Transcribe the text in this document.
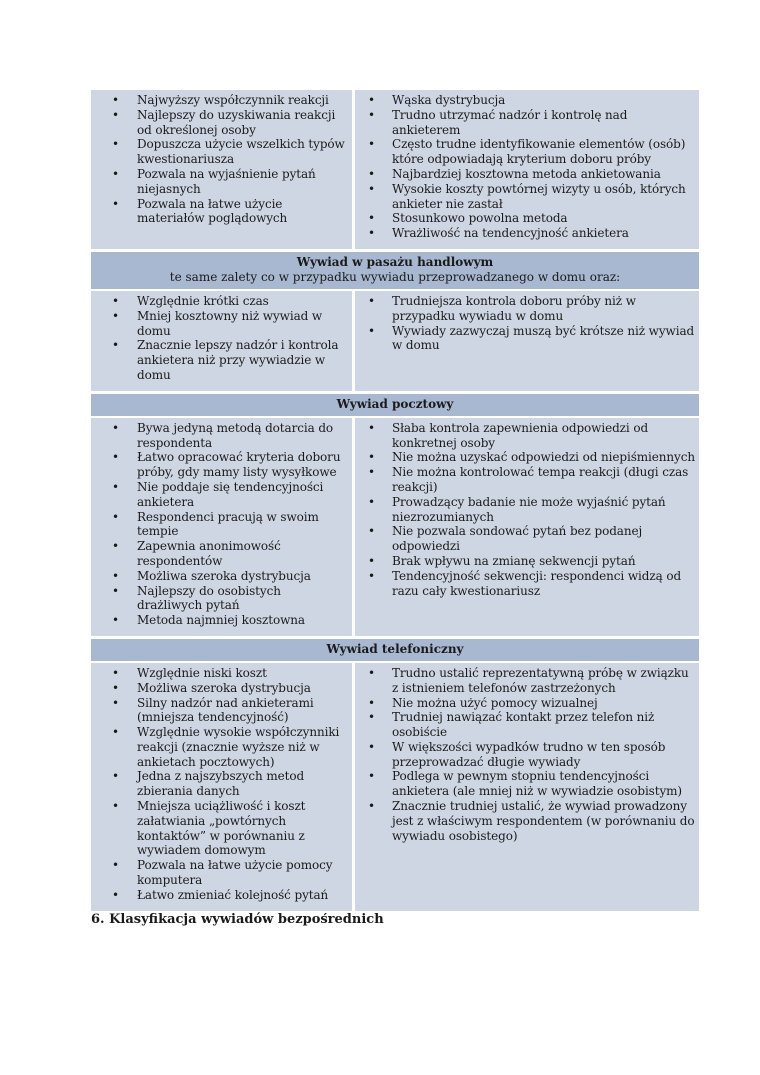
• Najwyższy współczynnik reakcji
• Najlepszy do uzyskiwania reakcji od określonej osoby
• Dopuszcza użycie wszelkich typów kwestionariusza
• Pozwala na wyjaśnienie pytań niejasnych
• Pozwala na łatwe użycie materiałów poglądowych
• Wąska dystrybucja
• Trudno utrzymać nadzór i kontrolę nad ankieterem
• Często trudne identyfikowanie elementów (osób) które odpowiadają kryterium doboru próby
• Najbardziej kosztowna metoda ankietowania
• Wysokie koszty powtórnej wizyty u osób, których ankieter nie zastał
• Stosunkowo powolna metoda
• Wrażliwość na tendencyjność ankietera
Wywiad w pasażu handlowym
te same zalety co w przypadku wywiadu przeprowadzanego w domu oraz:
• Względnie krótki czas
• Mniej kosztowny niż wywiad w domu
• Znacznie lepszy nadzór i kontrola ankietera niż przy wywiadzie w domu
• Trudniejsza kontrola doboru próby niż w przypadku wywiadu w domu
• Wywiady zazwyczaj muszą być krótsze niż wywiad w domu
Wywiad pocztowy
• Bywa jedyną metodą dotarcia do respondenta
• Łatwo opracować kryteria doboru próby, gdy mamy listy wysyłkowe
• Nie poddaje się tendencyjności ankietera
• Respondenci pracują w swoim tempie
• Zapewnia anonimowość respondentów
• Możliwa szeroka dystrybucja
• Najlepszy do osobistych drażliwych pytań
• Metoda najmniej kosztowna
• Słaba kontrola zapewnienia odpowiedzi od konkretnej osoby
• Nie można uzyskać odpowiedzi od niepiśmiennych
• Nie można kontrolować tempa reakcji (długi czas reakcji)
• Prowadzący badanie nie może wyjaśnić pytań niezrozumianych
• Nie pozwala sondować pytań bez podanej odpowiedzi
• Brak wpływu na zmianę sekwencji pytań
• Tendencyjność sekwencji: respondenci widzą od razu cały kwestionariusz
Wywiad telefoniczny
• Względnie niski koszt
• Możliwa szeroka dystrybucja
• Silny nadzór nad ankieterami (mniejsza tendencyjność)
• Względnie wysokie współczynniki reakcji (znacznie wyższe niż w ankietach pocztowych)
• Jedna z najszybszych metod zbierania danych
• Mniejsza uciążliwość i koszt załatwiania „powtórnych kontaktów” w porównaniu z wywiadem domowym
• Pozwala na łatwe użycie pomocy komputera
• Łatwo zmieniać kolejność pytań
• Trudno ustalić reprezentatywną próbę w związku z istnieniem telefonów zastrzeżonych
• Nie można użyć pomocy wizualnej
• Trudniej nawiązać kontakt przez telefon niż osobiście
• W większości wypadków trudno w ten sposób przeprowadzać długie wywiady
• Podlega w pewnym stopniu tendencyjności ankietera (ale mniej niż w wywiadzie osobistym)
• Znacznie trudniej ustalić, że wywiad prowadzony jest z właściwym respondentem (w porównaniu do wywiadu osobistego)
6. Klasyfikacja wywiadów bezpośrednich
